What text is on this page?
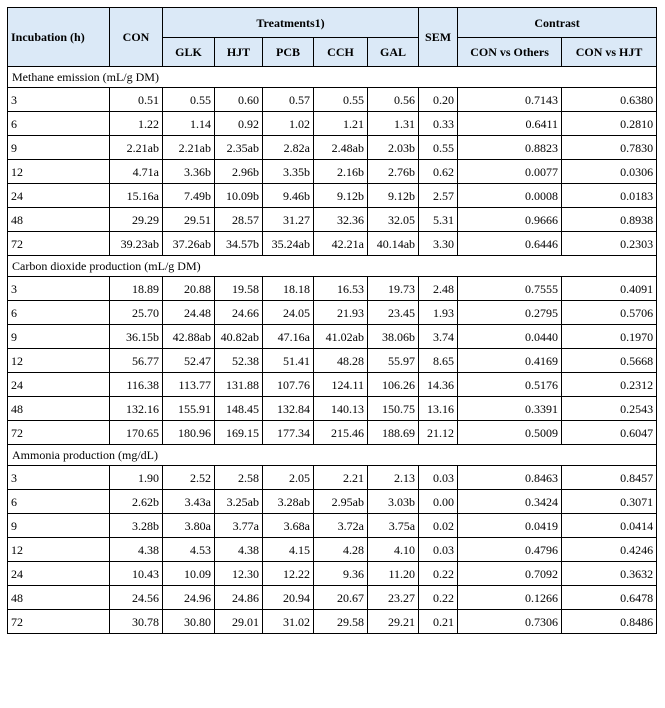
Incubation (h)	CON	Treatments1)					SEM	Contrast	
		GLK	HJT	PCB	CCH	GAL		CON vs Others	CON vs HJT
Methane emission (mL/g DM)									
3	0.51	0.55	0.60	0.57	0.55	0.56	0.20	0.7143	0.6380
6	1.22	1.14	0.92	1.02	1.21	1.31	0.33	0.6411	0.2810
9	2.21ab	2.21ab	2.35ab	2.82a	2.48ab	2.03b	0.55	0.8823	0.7830
12	4.71a	3.36b	2.96b	3.35b	2.16b	2.76b	0.62	0.0077	0.0306
24	15.16a	7.49b	10.09b	9.46b	9.12b	9.12b	2.57	0.0008	0.0183
48	29.29	29.51	28.57	31.27	32.36	32.05	5.31	0.9666	0.8938
72	39.23ab	37.26ab	34.57b	35.24ab	42.21a	40.14ab	3.30	0.6446	0.2303
Carbon dioxide production (mL/g DM)									
3	18.89	20.88	19.58	18.18	16.53	19.73	2.48	0.7555	0.4091
6	25.70	24.48	24.66	24.05	21.93	23.45	1.93	0.2795	0.5706
9	36.15b	42.88ab	40.82ab	47.16a	41.02ab	38.06b	3.74	0.0440	0.1970
12	56.77	52.47	52.38	51.41	48.28	55.97	8.65	0.4169	0.5668
24	116.38	113.77	131.88	107.76	124.11	106.26	14.36	0.5176	0.2312
48	132.16	155.91	148.45	132.84	140.13	150.75	13.16	0.3391	0.2543
72	170.65	180.96	169.15	177.34	215.46	188.69	21.12	0.5009	0.6047
Ammonia production (mg/dL)									
3	1.90	2.52	2.58	2.05	2.21	2.13	0.03	0.8463	0.8457
6	2.62b	3.43a	3.25ab	3.28ab	2.95ab	3.03b	0.00	0.3424	0.3071
9	3.28b	3.80a	3.77a	3.68a	3.72a	3.75a	0.02	0.0419	0.0414
12	4.38	4.53	4.38	4.15	4.28	4.10	0.03	0.4796	0.4246
24	10.43	10.09	12.30	12.22	9.36	11.20	0.22	0.7092	0.3632
48	24.56	24.96	24.86	20.94	20.67	23.27	0.22	0.1266	0.6478
72	30.78	30.80	29.01	31.02	29.58	29.21	0.21	0.7306	0.8486
